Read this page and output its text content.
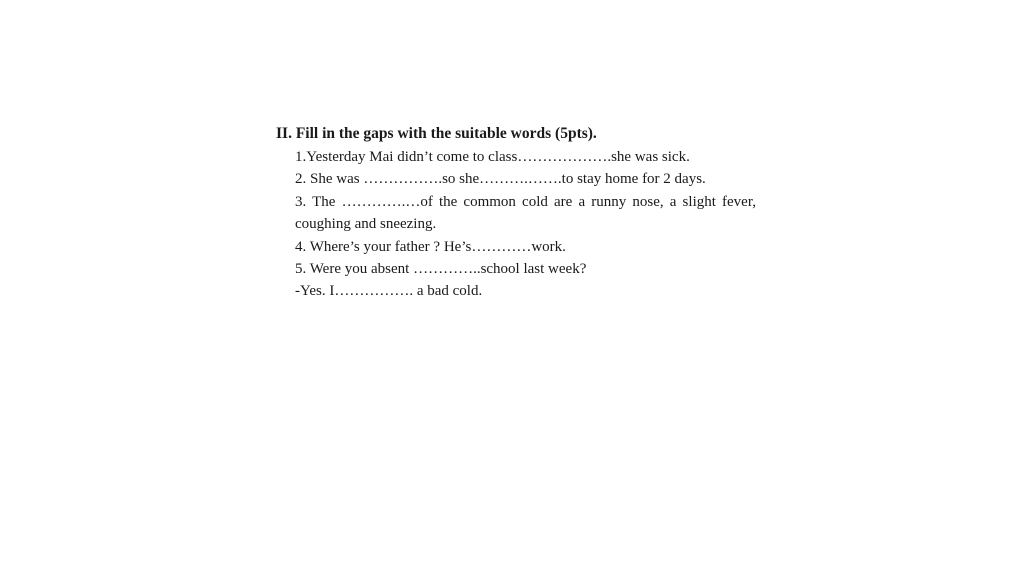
II. Fill in the gaps with the suitable words (5pts).

1.Yesterday Mai didn’t come to class……………….she was sick.

2. She was …………….so she……….…….to stay home for 2 days.

3. The ………….…of the common cold are a runny nose, a slight fever, coughing and sneezing.

4. Where’s your father ? He’s…………work.

5. Were you absent …………..school last week?

-Yes. I……………. a bad cold.
